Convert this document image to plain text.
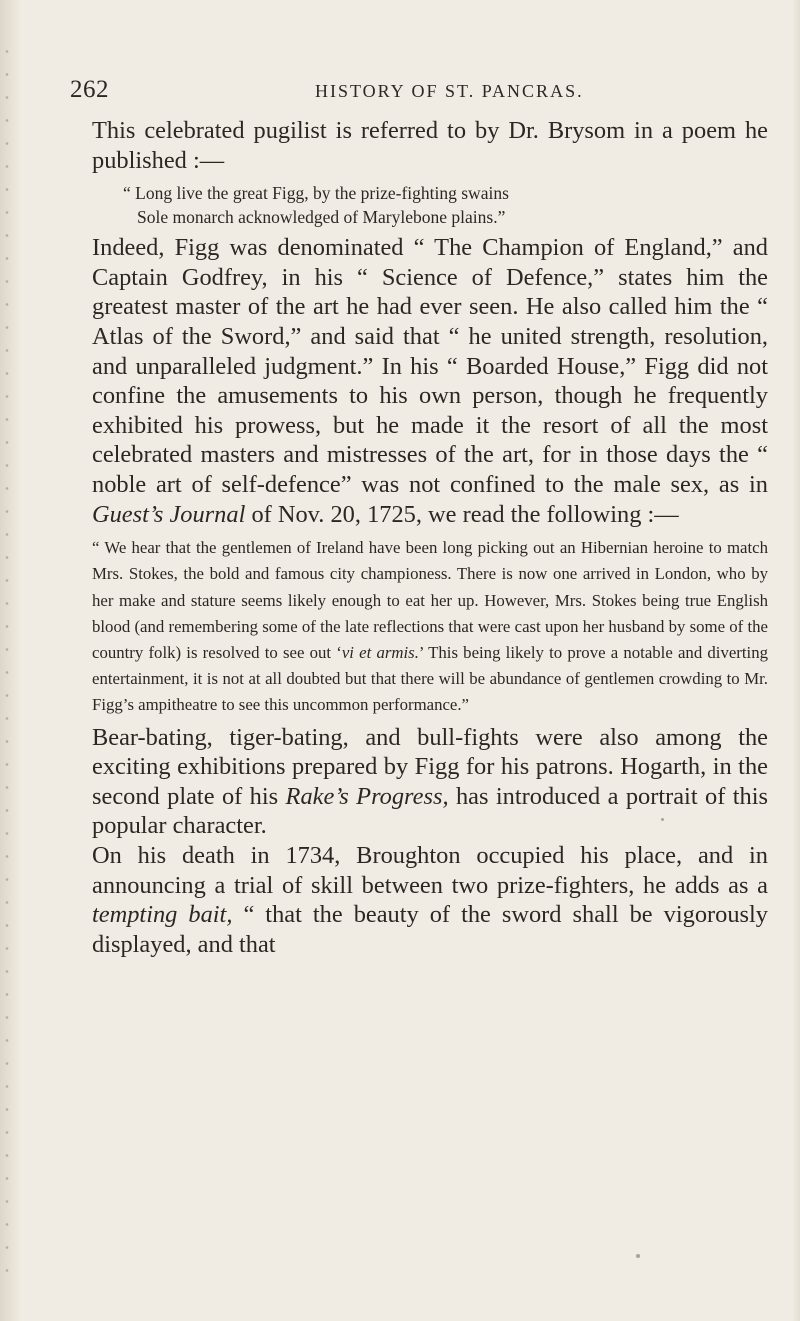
262	HISTORY OF ST. PANCRAS.

This celebrated pugilist is referred to by Dr. Brysom in a poem he published :—

“ Long live the great Figg, by the prize-fighting swains
Sole monarch acknowledged of Marylebone plains.”

Indeed, Figg was denominated “ The Champion of England,” and Captain Godfrey, in his “ Science of Defence,” states him the greatest master of the art he had ever seen. He also called him the “ Atlas of the Sword,” and said that “ he united strength, resolution, and unparalleled judgment.” In his “ Boarded House,” Figg did not confine the amusements to his own person, though he frequently exhibited his prowess, but he made it the resort of all the most celebrated masters and mistresses of the art, for in those days the “ noble art of self-defence” was not confined to the male sex, as in Guest’s Journal of Nov. 20, 1725, we read the following :—

“ We hear that the gentlemen of Ireland have been long picking out an Hibernian heroine to match Mrs. Stokes, the bold and famous city championess. There is now one arrived in London, who by her make and stature seems likely enough to eat her up. However, Mrs. Stokes being true English blood (and remembering some of the late reflections that were cast upon her husband by some of the country folk) is resolved to see out ‘vi et armis.’ This being likely to prove a notable and diverting entertainment, it is not at all doubted but that there will be abundance of gentlemen crowding to Mr. Figg’s ampitheatre to see this uncommon performance.”

Bear-bating, tiger-bating, and bull-fights were also among the exciting exhibitions prepared by Figg for his patrons. Hogarth, in the second plate of his Rake’s Progress, has introduced a portrait of this popular character.

On his death in 1734, Broughton occupied his place, and in announcing a trial of skill between two prize-fighters, he adds as a tempting bait, “ that the beauty of the sword shall be vigorously displayed, and that
